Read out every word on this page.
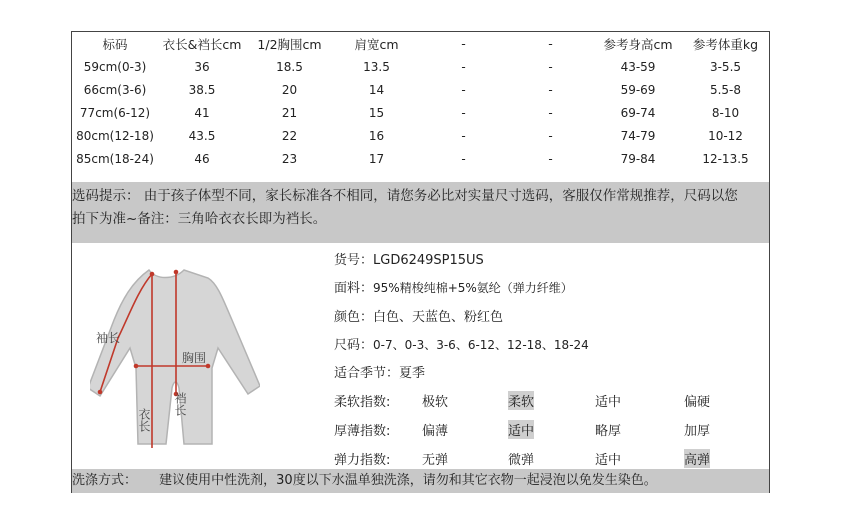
标码	衣长&裆长cm	1/2胸围cm	肩宽cm	-	-	参考身高cm	参考体重kg
59cm(0-3)	36	18.5	13.5	-	-	43-59	3-5.5
66cm(3-6)	38.5	20	14	-	-	59-69	5.5-8
77cm(6-12)	41	21	15	-	-	69-74	8-10
80cm(12-18)	43.5	22	16	-	-	74-79	10-12
85cm(18-24)	46	23	17	-	-	79-84	12-13.5
选码提示： 由于孩子体型不同，家长标准各不相同，请您务必比对实量尺寸选码，客服仅作常规推荐，尺码以您
拍下为准~备注：三角哈衣衣长即为裆长。
袖长
胸围
裆长
衣长
货号：LGD6249SP15US
面料：95%精梭纯棉+5%氨纶（弹力纤维）
颜色：白色、天蓝色、粉红色
尺码：0-7、0-3、3-6、6-12、12-18、18-24
适合季节：夏季
柔软指数: 极软	柔软	适中	偏硬
厚薄指数: 偏薄	适中	略厚	加厚
弹力指数: 无弹	微弹	适中	高弹
洗涤方式： 建议使用中性洗剂，30度以下水温单独洗涤，请勿和其它衣物一起浸泡以免发生染色。
